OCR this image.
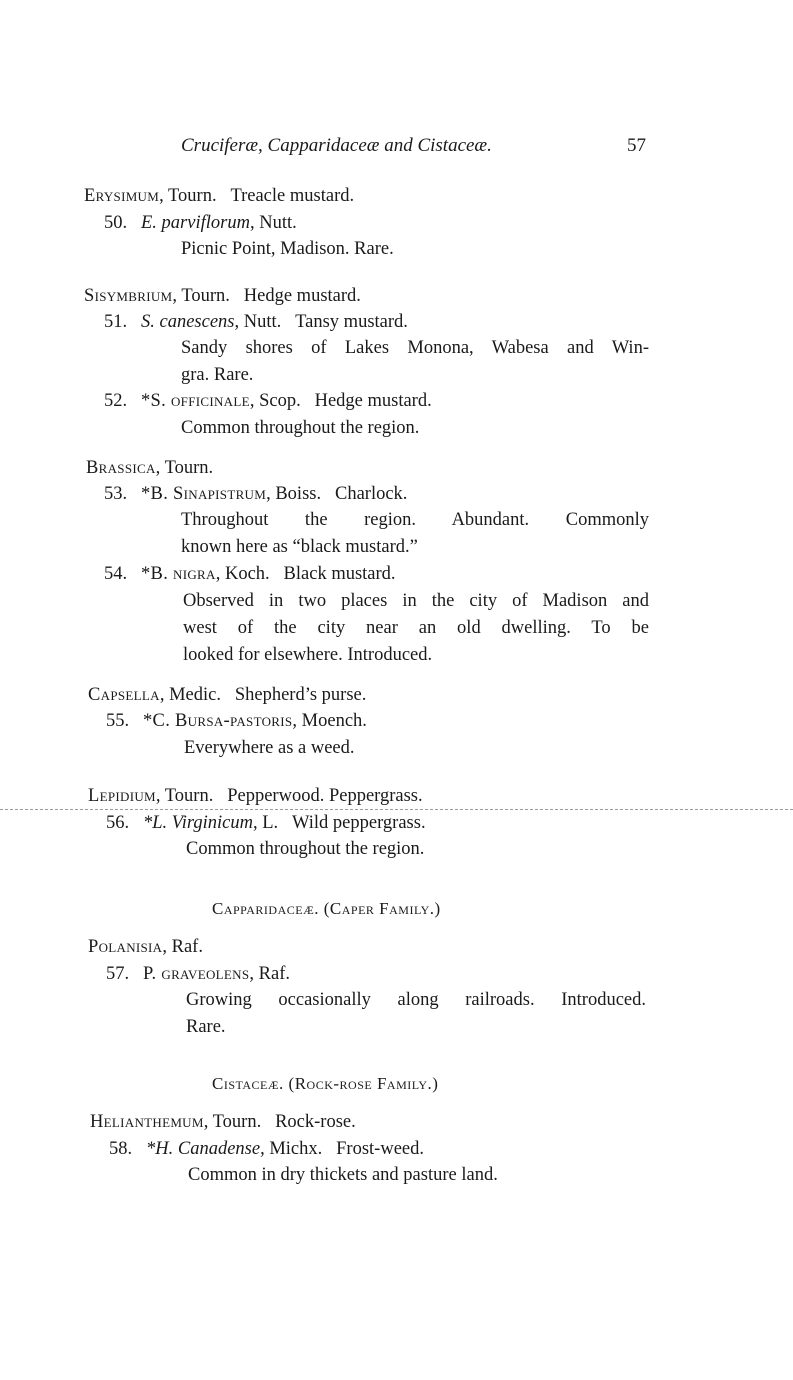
Cruciferæ, Capparidaceæ and Cistaceæ.	57
Erysimum, Tourn. Treacle mustard.
50. E. parviflorum, Nutt.
Picnic Point, Madison. Rare.
Sisymbrium, Tourn. Hedge mustard.
51. S. canescens, Nutt. Tansy mustard.
Sandy shores of Lakes Monona, Wabesa and Win-
gra. Rare.
52. *S. officinale, Scop. Hedge mustard.
Common throughout the region.
Brassica, Tourn.
53. *B. Sinapistrum, Boiss. Charlock.
Throughout the region. Abundant. Commonly
known here as “black mustard.”
54. *B. nigra, Koch. Black mustard.
Observed in two places in the city of Madison and
west of the city near an old dwelling. To be
looked for elsewhere. Introduced.
Capsella, Medic. Shepherd’s purse.
55. *C. Bursa-pastoris, Moench.
Everywhere as a weed.
Lepidium, Tourn. Pepperwood. Peppergrass.
56. *L. Virginicum, L. Wild peppergrass.
Common throughout the region.
Capparidaceæ. (Caper Family.)
Polanisia, Raf.
57. P. graveolens, Raf.
Growing occasionally along railroads. Introduced.
Rare.
Cistaceæ. (Rock-rose Family.)
Helianthemum, Tourn. Rock-rose.
58. *H. Canadense, Michx. Frost-weed.
Common in dry thickets and pasture land.
